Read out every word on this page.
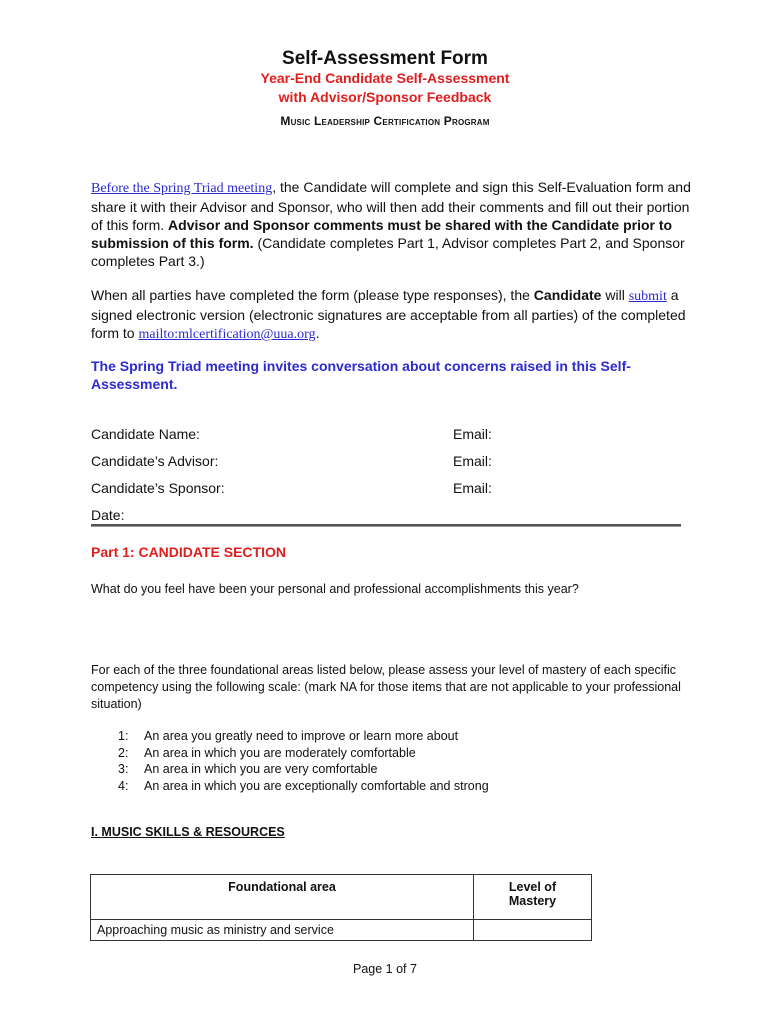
Self-Assessment Form
Year-End Candidate Self-Assessment
with Advisor/Sponsor Feedback
Music Leadership Certification Program
Before the Spring Triad meeting, the Candidate will complete and sign this Self-Evaluation form and share it with their Advisor and Sponsor, who will then add their comments and fill out their portion of this form. Advisor and Sponsor comments must be shared with the Candidate prior to submission of this form. (Candidate completes Part 1, Advisor completes Part 2, and Sponsor completes Part 3.)
When all parties have completed the form (please type responses), the Candidate will submit a signed electronic version (electronic signatures are acceptable from all parties) of the completed form to mailto:mlcertification@uua.org.
The Spring Triad meeting invites conversation about concerns raised in this Self-Assessment.
Candidate Name:	Email:
Candidate’s Advisor:	Email:
Candidate’s Sponsor:	Email:
Date:
Part 1: CANDIDATE SECTION
What do you feel have been your personal and professional accomplishments this year?
For each of the three foundational areas listed below, please assess your level of mastery of each specific competency using the following scale: (mark NA for those items that are not applicable to your professional situation)
1: An area you greatly need to improve or learn more about
2: An area in which you are moderately comfortable
3: An area in which you are very comfortable
4: An area in which you are exceptionally comfortable and strong
I. MUSIC SKILLS & RESOURCES
Foundational area	Level of
Mastery

Approaching music as ministry and service	
Page 1 of 7
